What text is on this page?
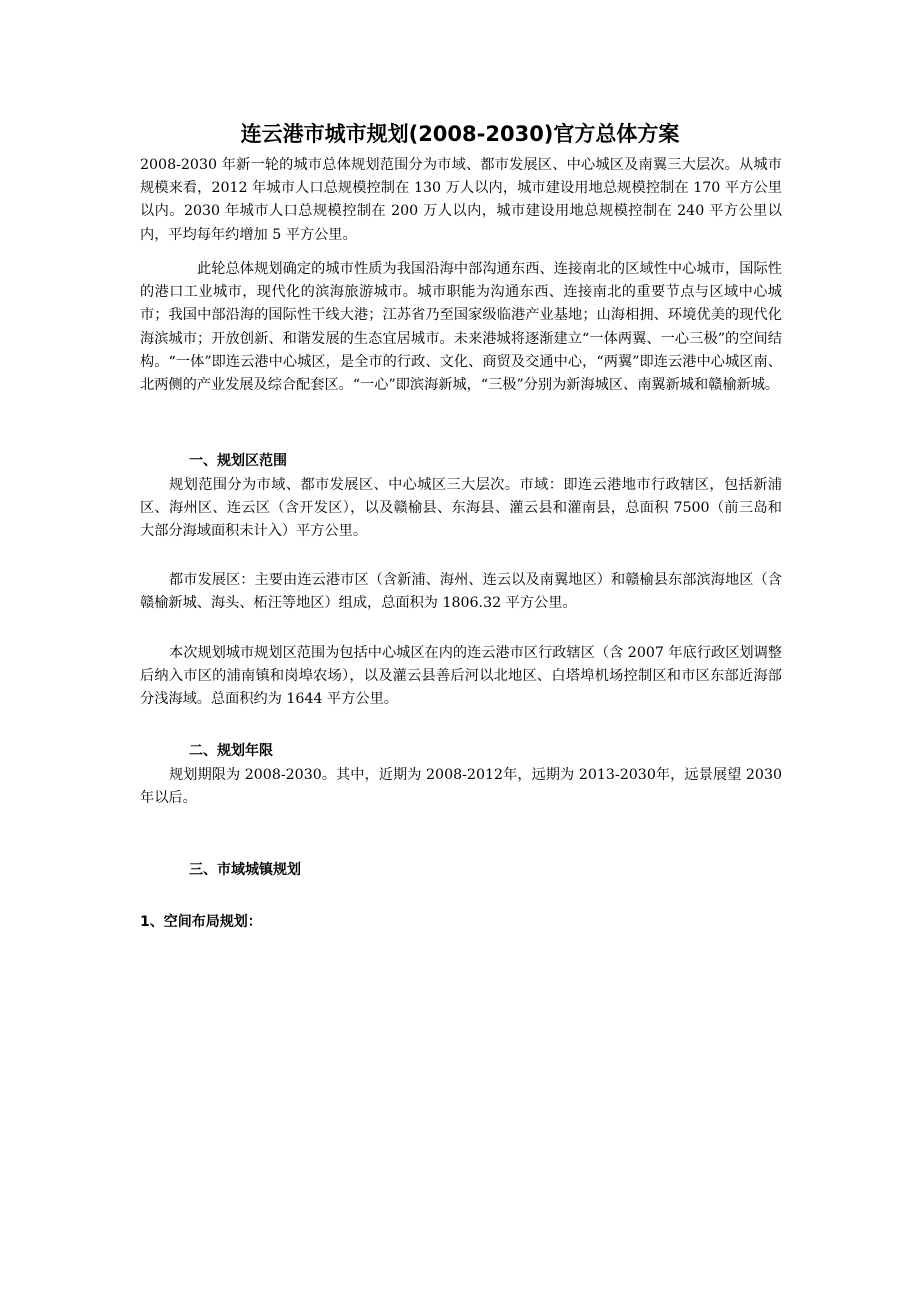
连云港市城市规划(2008-2030)官方总体方案

2008-2030 年新一轮的城市总体规划范围分为市域、都市发展区、中心城区及南翼三大层次。从城市规模来看，2012 年城市人口总规模控制在 130 万人以内，城市建设用地总规模控制在 170 平方公里以内。2030 年城市人口总规模控制在 200 万人以内，城市建设用地总规模控制在 240 平方公里以内，平均每年约增加 5 平方公里。

此轮总体规划确定的城市性质为我国沿海中部沟通东西、连接南北的区域性中心城市，国际性的港口工业城市，现代化的滨海旅游城市。城市职能为沟通东西、连接南北的重要节点与区域中心城市；我国中部沿海的国际性干线大港；江苏省乃至国家级临港产业基地；山海相拥、环境优美的现代化海滨城市；开放创新、和谐发展的生态宜居城市。未来港城将逐渐建立“一体两翼、一心三极”的空间结构。“一体”即连云港中心城区，是全市的行政、文化、商贸及交通中心，“两翼”即连云港中心城区南、北两侧的产业发展及综合配套区。“一心”即滨海新城，“三极”分别为新海城区、南翼新城和赣榆新城。

一、规划区范围

规划范围分为市域、都市发展区、中心城区三大层次。市域：即连云港地市行政辖区，包括新浦区、海州区、连云区（含开发区），以及赣榆县、东海县、灌云县和灌南县，总面积 7500（前三岛和大部分海域面积未计入）平方公里。

都市发展区：主要由连云港市区（含新浦、海州、连云以及南翼地区）和赣榆县东部滨海地区（含赣榆新城、海头、柘汪等地区）组成，总面积为 1806.32 平方公里。

本次规划城市规划区范围为包括中心城区在内的连云港市区行政辖区（含 2007 年底行政区划调整后纳入市区的浦南镇和岗埠农场），以及灌云县善后河以北地区、白塔埠机场控制区和市区东部近海部分浅海域。总面积约为 1644 平方公里。

二、规划年限

规划期限为 2008-2030。其中，近期为 2008-2012年，远期为 2013-2030年，远景展望 2030 年以后。

三、市域城镇规划
1、空间布局规划：
